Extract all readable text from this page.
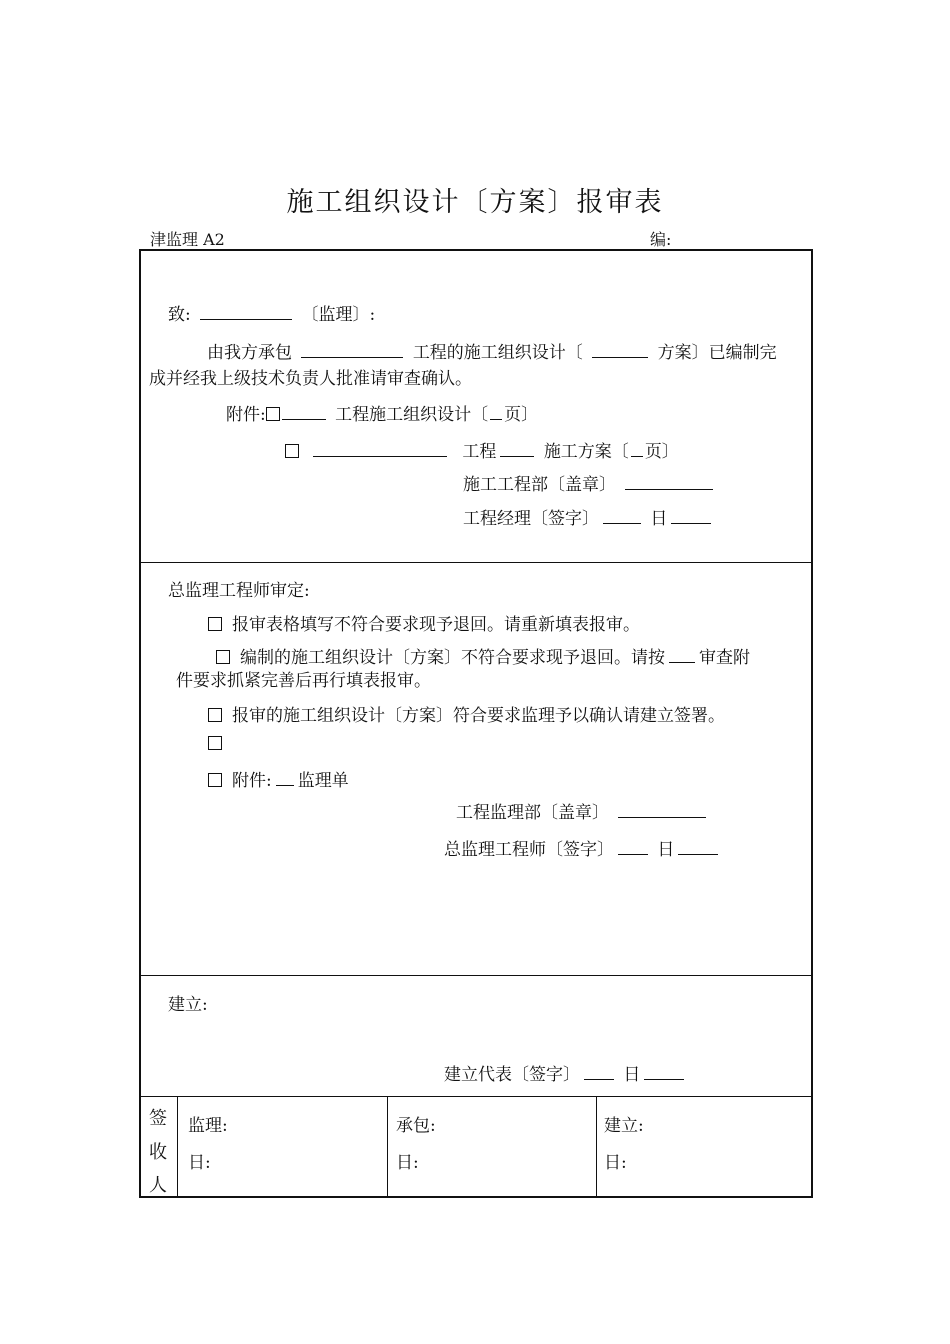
施工组织设计〔方案〕报审表
津监理 A2	编:
致:	〔监理〕:
由我方承包	工程的施工组织设计〔	方案〕已编制完
成并经我上级技术负责人批准请审查确认。
附件:	工程施工组织设计〔 页〕
工程	施工方案〔 页〕
施工工程部〔盖章〕
工程经理〔签字〕	日
总监理工程师审定:
报审表格填写不符合要求现予退回。请重新填表报审。
编制的施工组织设计〔方案〕不符合要求现予退回。请按 审查附
件要求抓紧完善后再行填表报审。
报审的施工组织设计〔方案〕符合要求监理予以确认请建立签署。
附件: 监理单
工程监理部〔盖章〕
总监理工程师〔签字〕	日
建立:
建立代表〔签字〕	日
签
收
人
监理:
日:
承包:
日:
建立:
日:
